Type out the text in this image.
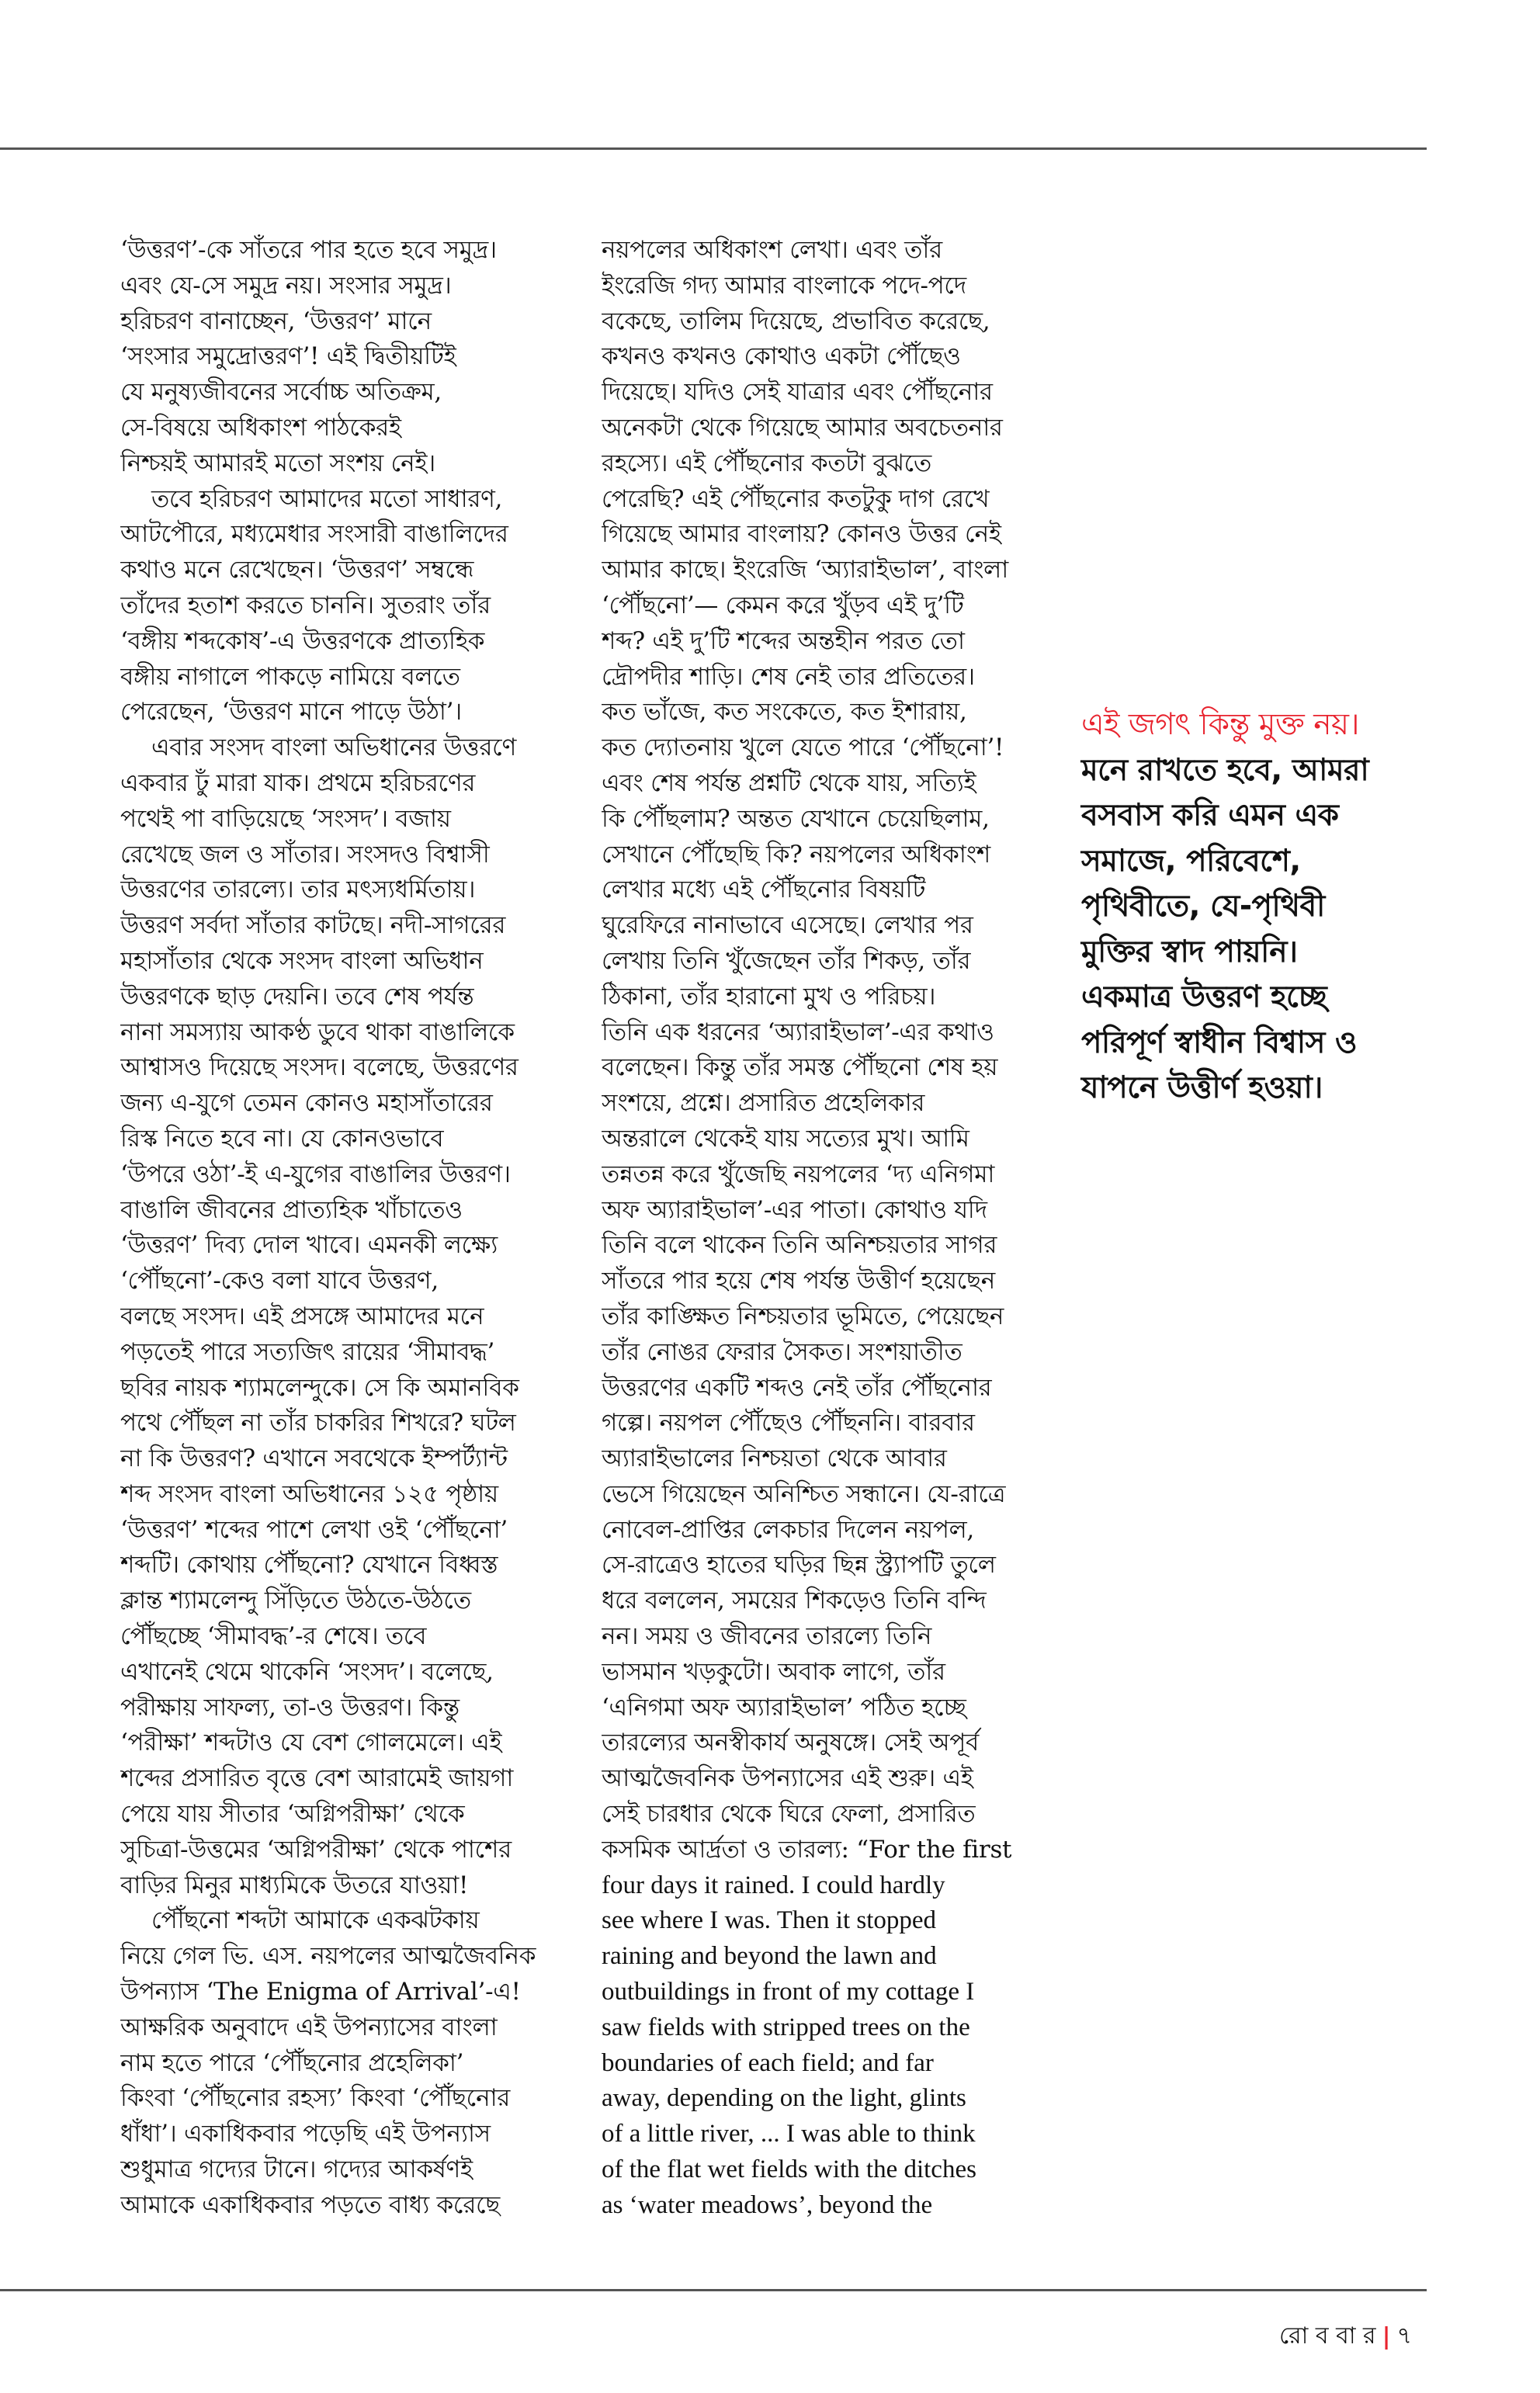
‘উত্তরণ’-কে সাঁতরে পার হতে হবে সমুদ্র।
এবং যে-সে সমুদ্র নয়। সংসার সমুদ্র।
হরিচরণ বানাচ্ছেন, ‘উত্তরণ’ মানে
‘সংসার সমুদ্রোত্তরণ’! এই দ্বিতীয়টিই
যে মনুষ্যজীবনের সর্বোচ্চ অতিক্রম,
সে-বিষয়ে অধিকাংশ পাঠকেরই
নিশ্চয়ই আমারই মতো সংশয় নেই।
তবে হরিচরণ আমাদের মতো সাধারণ,
আটপৌরে, মধ্যমেধার সংসারী বাঙালিদের
কথাও মনে রেখেছেন। ‘উত্তরণ’ সম্বন্ধে
তাঁদের হতাশ করতে চাননি। সুতরাং তাঁর
‘বঙ্গীয় শব্দকোষ’-এ উত্তরণকে প্রাত্যহিক
বঙ্গীয় নাগালে পাকড়ে নামিয়ে বলতে
পেরেছেন, ‘উত্তরণ মানে পাড়ে উঠা’।
এবার সংসদ বাংলা অভিধানের উত্তরণে
একবার ঢুঁ মারা যাক। প্রথমে হরিচরণের
পথেই পা বাড়িয়েছে ‘সংসদ’। বজায়
রেখেছে জল ও সাঁতার। সংসদও বিশ্বাসী
উত্তরণের তারল্যে। তার মৎস্যধর্মিতায়।
উত্তরণ সর্বদা সাঁতার কাটছে। নদী-সাগরের
মহাসাঁতার থেকে সংসদ বাংলা অভিধান
উত্তরণকে ছাড় দেয়নি। তবে শেষ পর্যন্ত
নানা সমস্যায় আকণ্ঠ ডুবে থাকা বাঙালিকে
আশ্বাসও দিয়েছে সংসদ। বলেছে, উত্তরণের
জন্য এ-যুগে তেমন কোনও মহাসাঁতারের
রিস্ক নিতে হবে না। যে কোনওভাবে
‘উপরে ওঠা’-ই এ-যুগের বাঙালির উত্তরণ।
বাঙালি জীবনের প্রাত্যহিক খাঁচাতেও
‘উত্তরণ’ দিব্য দোল খাবে। এমনকী লক্ষ্যে
‘পৌঁছনো’-কেও বলা যাবে উত্তরণ,
বলছে সংসদ। এই প্রসঙ্গে আমাদের মনে
পড়তেই পারে সত্যজিৎ রায়ের ‘সীমাবদ্ধ’
ছবির নায়ক শ্যামলেন্দুকে। সে কি অমানবিক
পথে পৌঁছল না তাঁর চাকরির শিখরে? ঘটল
না কি উত্তরণ? এখানে সবথেকে ইম্পর্ট্যান্ট
শব্দ সংসদ বাংলা অভিধানের ১২৫ পৃষ্ঠায়
‘উত্তরণ’ শব্দের পাশে লেখা ওই ‘পৌঁছনো’
শব্দটি। কোথায় পৌঁছনো? যেখানে বিধ্বস্ত
ক্লান্ত শ্যামলেন্দু সিঁড়িতে উঠতে-উঠতে
পৌঁছচ্ছে ‘সীমাবদ্ধ’-র শেষে। তবে
এখানেই থেমে থাকেনি ‘সংসদ’। বলেছে,
পরীক্ষায় সাফল্য, তা-ও উত্তরণ। কিন্তু
‘পরীক্ষা’ শব্দটাও যে বেশ গোলমেলে। এই
শব্দের প্রসারিত বৃত্তে বেশ আরামেই জায়গা
পেয়ে যায় সীতার ‘অগ্নিপরীক্ষা’ থেকে
সুচিত্রা-উত্তমের ‘অগ্নিপরীক্ষা’ থেকে পাশের
বাড়ির মিনুর মাধ্যমিকে উতরে যাওয়া!
পৌঁছনো শব্দটা আমাকে একঝটকায়
নিয়ে গেল ভি. এস. নয়পলের আত্মজৈবনিক
উপন্যাস ‘The Enigma of Arrival’-এ!
আক্ষরিক অনুবাদে এই উপন্যাসের বাংলা
নাম হতে পারে ‘পৌঁছনোর প্রহেলিকা’
কিংবা ‘পৌঁছনোর রহস্য’ কিংবা ‘পৌঁছনোর
ধাঁধা’। একাধিকবার পড়েছি এই উপন্যাস
শুধুমাত্র গদ্যের টানে। গদ্যের আকর্ষণই
আমাকে একাধিকবার পড়তে বাধ্য করেছে
নয়পলের অধিকাংশ লেখা। এবং তাঁর
ইংরেজি গদ্য আমার বাংলাকে পদে-পদে
বকেছে, তালিম দিয়েছে, প্রভাবিত করেছে,
কখনও কখনও কোথাও একটা পৌঁছেও
দিয়েছে। যদিও সেই যাত্রার এবং পৌঁছনোর
অনেকটা থেকে গিয়েছে আমার অবচেতনার
রহস্যে। এই পৌঁছনোর কতটা বুঝতে
পেরেছি? এই পৌঁছনোর কতটুকু দাগ রেখে
গিয়েছে আমার বাংলায়? কোনও উত্তর নেই
আমার কাছে। ইংরেজি ‘অ্যারাইভাল’, বাংলা
‘পৌঁছনো’— কেমন করে খুঁড়ব এই দু’টি
শব্দ? এই দু’টি শব্দের অন্তহীন পরত তো
দ্রৌপদীর শাড়ি। শেষ নেই তার প্রতিতের।
কত ভাঁজে, কত সংকেতে, কত ইশারায়,
কত দ্যোতনায় খুলে যেতে পারে ‘পৌঁছনো’!
এবং শেষ পর্যন্ত প্রশ্নটি থেকে যায়, সত্যিই
কি পৌঁছলাম? অন্তত যেখানে চেয়েছিলাম,
সেখানে পৌঁছেছি কি? নয়পলের অধিকাংশ
লেখার মধ্যে এই পৌঁছনোর বিষয়টি
ঘুরেফিরে নানাভাবে এসেছে। লেখার পর
লেখায় তিনি খুঁজেছেন তাঁর শিকড়, তাঁর
ঠিকানা, তাঁর হারানো মুখ ও পরিচয়।
তিনি এক ধরনের ‘অ্যারাইভাল’-এর কথাও
বলেছেন। কিন্তু তাঁর সমস্ত পৌঁছনো শেষ হয়
সংশয়ে, প্রশ্নে। প্রসারিত প্রহেলিকার
অন্তরালে থেকেই যায় সত্যের মুখ। আমি
তন্নতন্ন করে খুঁজেছি নয়পলের ‘দ্য এনিগমা
অফ অ্যারাইভাল’-এর পাতা। কোথাও যদি
তিনি বলে থাকেন তিনি অনিশ্চয়তার সাগর
সাঁতরে পার হয়ে শেষ পর্যন্ত উত্তীর্ণ হয়েছেন
তাঁর কাঙ্ক্ষিত নিশ্চয়তার ভূমিতে, পেয়েছেন
তাঁর নোঙর ফেরার সৈকত। সংশয়াতীত
উত্তরণের একটি শব্দও নেই তাঁর পৌঁছনোর
গল্পে। নয়পল পৌঁছেও পৌঁছননি। বারবার
অ্যারাইভালের নিশ্চয়তা থেকে আবার
ভেসে গিয়েছেন অনিশ্চিত সন্ধানে। যে-রাত্রে
নোবেল-প্রাপ্তির লেকচার দিলেন নয়পল,
সে-রাত্রেও হাতের ঘড়ির ছিন্ন স্ট্র্যাপটি তুলে
ধরে বললেন, সময়ের শিকড়েও তিনি বন্দি
নন। সময় ও জীবনের তারল্যে তিনি
ভাসমান খড়কুটো। অবাক লাগে, তাঁর
‘এনিগমা অফ অ্যারাইভাল’ পঠিত হচ্ছে
তারল্যের অনস্বীকার্য অনুষঙ্গে। সেই অপূর্ব
আত্মজৈবনিক উপন্যাসের এই শুরু। এই
সেই চারধার থেকে ঘিরে ফেলা, প্রসারিত
কসমিক আর্দ্রতা ও তারল্য: “For the first
four days it rained. I could hardly
see where I was. Then it stopped
raining and beyond the lawn and
outbuildings in front of my cottage I
saw fields with stripped trees on the
boundaries of each field; and far
away, depending on the light, glints
of a little river, ... I was able to think
of the flat wet fields with the ditches
as ‘water meadows’, beyond the
এই জগৎ কিন্তু মুক্ত নয়।
মনে রাখতে হবে, আমরা
বসবাস করি এমন এক
সমাজে, পরিবেশে,
পৃথিবীতে, যে-পৃথিবী
মুক্তির স্বাদ পায়নি।
একমাত্র উত্তরণ হচ্ছে
পরিপূর্ণ স্বাধীন বিশ্বাস ও
যাপনে উত্তীর্ণ হওয়া।
রো ব বা র | ৭
